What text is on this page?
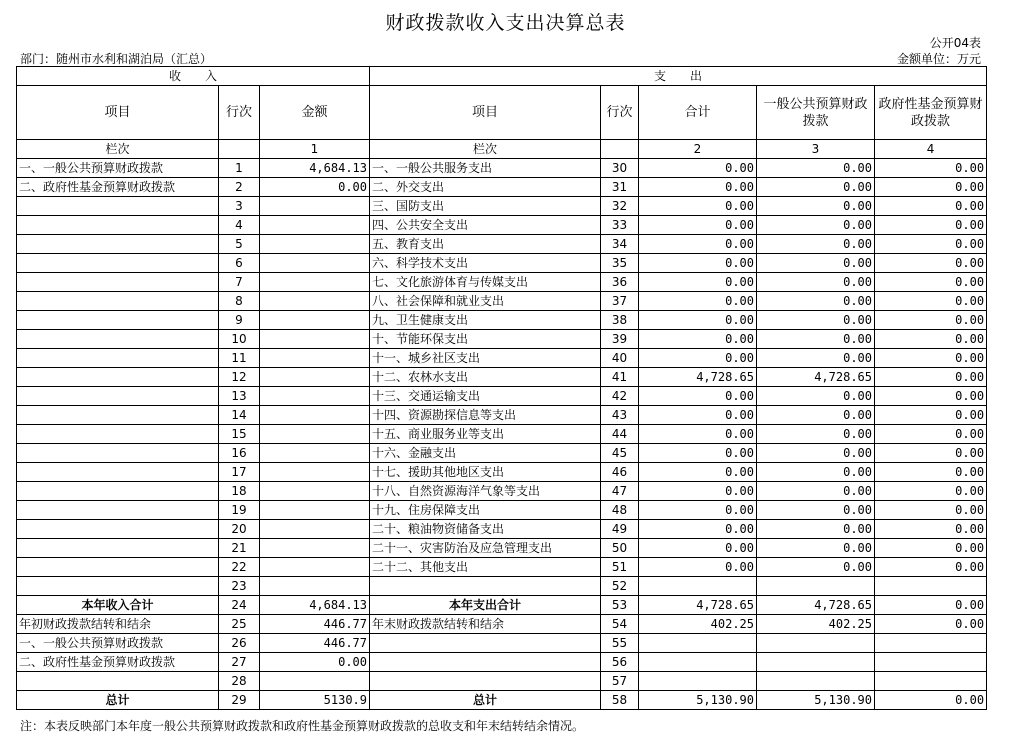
财政拨款收入支出决算总表
公开04表
部门：随州市水利和湖泊局（汇总）	金额单位：万元
收　　入			支　　出				
项目	行次	金额	项目	行次	合计	一般公共预算财政拨款	政府性基金预算财政拨款
栏次		1	栏次		2	3	4
一、一般公共预算财政拨款	1	4,684.13	一、一般公共服务支出	30	0.00	0.00	0.00
二、政府性基金预算财政拨款	2	0.00	二、外交支出	31	0.00	0.00	0.00
	3		三、国防支出	32	0.00	0.00	0.00
	4		四、公共安全支出	33	0.00	0.00	0.00
	5		五、教育支出	34	0.00	0.00	0.00
	6		六、科学技术支出	35	0.00	0.00	0.00
	7		七、文化旅游体育与传媒支出	36	0.00	0.00	0.00
	8		八、社会保障和就业支出	37	0.00	0.00	0.00
	9		九、卫生健康支出	38	0.00	0.00	0.00
	10		十、节能环保支出	39	0.00	0.00	0.00
	11		十一、城乡社区支出	40	0.00	0.00	0.00
	12		十二、农林水支出	41	4,728.65	4,728.65	0.00
	13		十三、交通运输支出	42	0.00	0.00	0.00
	14		十四、资源勘探信息等支出	43	0.00	0.00	0.00
	15		十五、商业服务业等支出	44	0.00	0.00	0.00
	16		十六、金融支出	45	0.00	0.00	0.00
	17		十七、援助其他地区支出	46	0.00	0.00	0.00
	18		十八、自然资源海洋气象等支出	47	0.00	0.00	0.00
	19		十九、住房保障支出	48	0.00	0.00	0.00
	20		二十、粮油物资储备支出	49	0.00	0.00	0.00
	21		二十一、灾害防治及应急管理支出	50	0.00	0.00	0.00
	22		二十二、其他支出	51	0.00	0.00	0.00
	23			52			
本年收入合计	24	4,684.13	本年支出合计	53	4,728.65	4,728.65	0.00
年初财政拨款结转和结余	25	446.77	年末财政拨款结转和结余	54	402.25	402.25	0.00
一、一般公共预算财政拨款	26	446.77		55			
二、政府性基金预算财政拨款	27	0.00		56			
	28			57			
总计	29	5130.9	总计	58	5,130.90	5,130.90	0.00
注：本表反映部门本年度一般公共预算财政拨款和政府性基金预算财政拨款的总收支和年末结转结余情况。
